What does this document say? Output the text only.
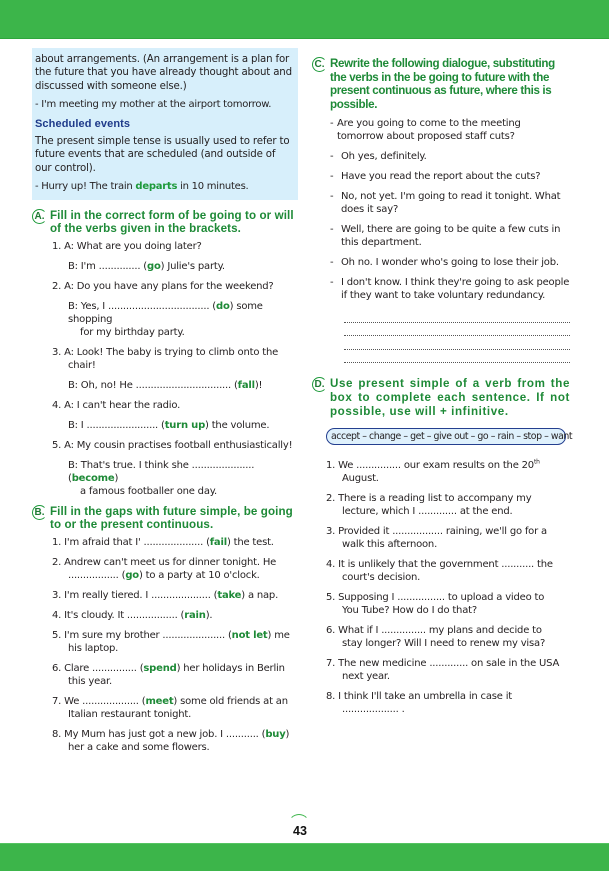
about arrangements. (An arrangement is a plan for the future that you have already thought about and discussed with someone else.)

- I'm meeting my mother at the airport tomorrow.

Scheduled events

The present simple tense is usually used to refer to future events that are scheduled (and outside of our control).

- Hurry up! The train departs in 10 minutes.

A. Fill in the correct form of be going to or will of the verbs given in the brackets.
1. A: What are you doing later?
B: I'm .............. (go) Julie's party.
2. A: Do you have any plans for the weekend?
B: Yes, I .................................. (do) some shopping
for my birthday party.
3. A: Look! The baby is trying to climb onto the
chair!
B: Oh, no! He ................................ (fall)!
4. A: I can't hear the radio.
B: I ........................ (turn up) the volume.
5. A: My cousin practises football enthusiastically!
B: That's true. I think she ..................... (become)
a famous footballer one day.
B. Fill in the gaps with future simple, be going to or the present continuous.
1. I'm afraid that I' .................... (fail) the test.
2. Andrew can't meet us for dinner tonight. He
................. (go) to a party at 10 o'clock.
3. I'm really tiered. I .................... (take) a nap.
4. It's cloudy. It ................. (rain).
5. I'm sure my brother ..................... (not let) me
his laptop.
6. Clare ............... (spend) her holidays in Berlin
this year.
7. We ................... (meet) some old friends at an
Italian restaurant tonight.
8. My Mum has just got a new job. I ........... (buy)
her a cake and some flowers.
C. Rewrite the following dialogue, substituting the verbs in the be going to future with the present continuous as future, where this is possible.
- Are you going to come to the meeting tomorrow about proposed staff cuts?
- Oh yes, definitely.
- Have you read the report about the cuts?
- No, not yet. I'm going to read it tonight. What does it say?
- Well, there are going to be quite a few cuts in this department.
- Oh no. I wonder who's going to lose their job.
- I don't know. I think they're going to ask people if they want to take voluntary redundancy.
D. Use present simple of a verb from the box to complete each sentence. If not possible, use will + infinitive.
accept – change – get – give out – go – rain – stop – want
1. We ............... our exam results on the 20th
August.
2. There is a reading list to accompany my
lecture, which I ............. at the end.
3. Provided it ................. raining, we'll go for a
walk this afternoon.
4. It is unlikely that the government ........... the
court's decision.
5. Supposing I ................ to upload a video to
You Tube? How do I do that?
6. What if I ............... my plans and decide to
stay longer? Will I need to renew my visa?
7. The new medicine ............. on sale in the USA
next year.
8. I think I'll take an umbrella in case it
................... .
43
